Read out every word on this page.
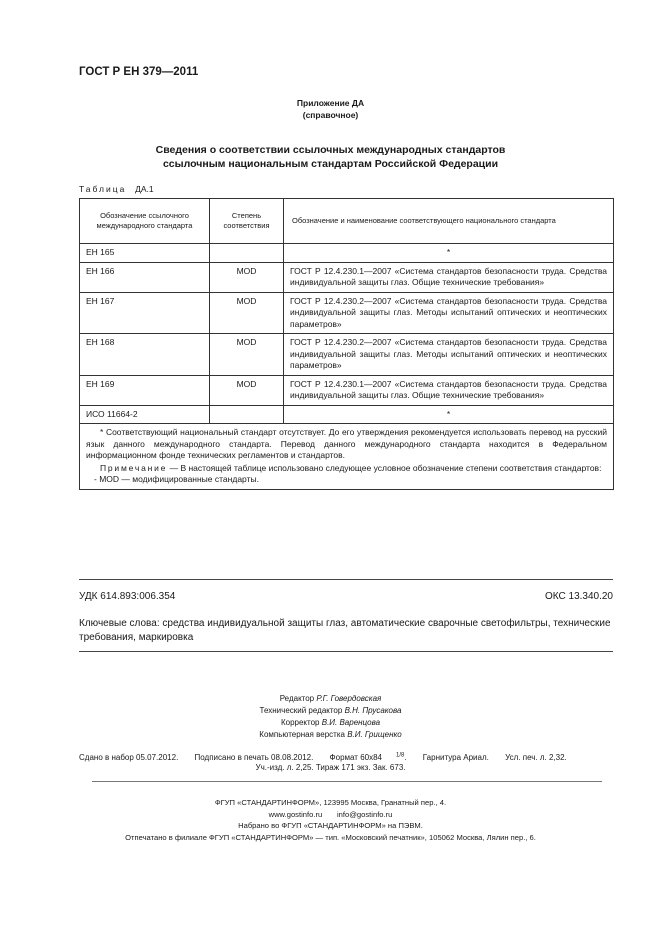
ГОСТ Р ЕН 379—2011
Приложение ДА
(справочное)
Сведения о соответствии ссылочных международных стандартов
ссылочным национальным стандартам Российской Федерации
Таблица ДА.1
Обозначение ссылочного международного стандарта	Степень соответствия	Обозначение и наименование соответствующего национального стандарта
ЕН 165		*
ЕН 166	MOD	ГОСТ Р 12.4.230.1—2007 «Система стандартов безопасности труда. Средства индивидуальной защиты глаз. Общие технические требования»
ЕН 167	MOD	ГОСТ Р 12.4.230.2—2007 «Система стандартов безопасности труда. Средства индивидуальной защиты глаз. Методы испытаний оптических и неоптических параметров»
ЕН 168	MOD	ГОСТ Р 12.4.230.2—2007 «Система стандартов безопасности труда. Средства индивидуальной защиты глаз. Методы испытаний оптических и неоптических параметров»
ЕН 169	MOD	ГОСТ Р 12.4.230.1—2007 «Система стандартов безопасности труда. Средства индивидуальной защиты глаз. Общие технические требования»
ИСО 11664-2		*

* Соответствующий национальный стандарт отсутствует. До его утверждения рекомендуется использовать перевод на русский язык данного международного стандарта. Перевод данного международного стандарта находится в Федеральном информационном фонде технических регламентов и стандартов.
Примечание — В настоящей таблице использовано следующее условное обозначение степени соответствия стандартов:
- MOD — модифицированные стандарты.		
УДК 614.893:006.354	ОКС 13.340.20
Ключевые слова: средства индивидуальной защиты глаз, автоматические сварочные светофильтры, технические требования, маркировка
Редактор Р.Г. Говердовская
Технический редактор В.Н. Прусакова
Корректор В.И. Варенцова
Компьютерная верстка В.И. Грищенко
Сдано в набор 05.07.2012. Подписано в печать 08.08.2012. Формат 60x84 $^{1/8}$. Гарнитура Ариал. Усл. печ. л. 2,32.
Уч.-изд. л. 2,25. Тираж 171 экз. Зак. 673.
ФГУП «СТАНДАРТИНФОРМ», 123995 Москва, Гранатный пер., 4.
www.gostinfo.ru info@gostinfo.ru
Набрано во ФГУП «СТАНДАРТИНФОРМ» на ПЭВМ.
Отпечатано в филиале ФГУП «СТАНДАРТИНФОРМ» — тип. «Московский печатник», 105062 Москва, Лялин пер., 6.
